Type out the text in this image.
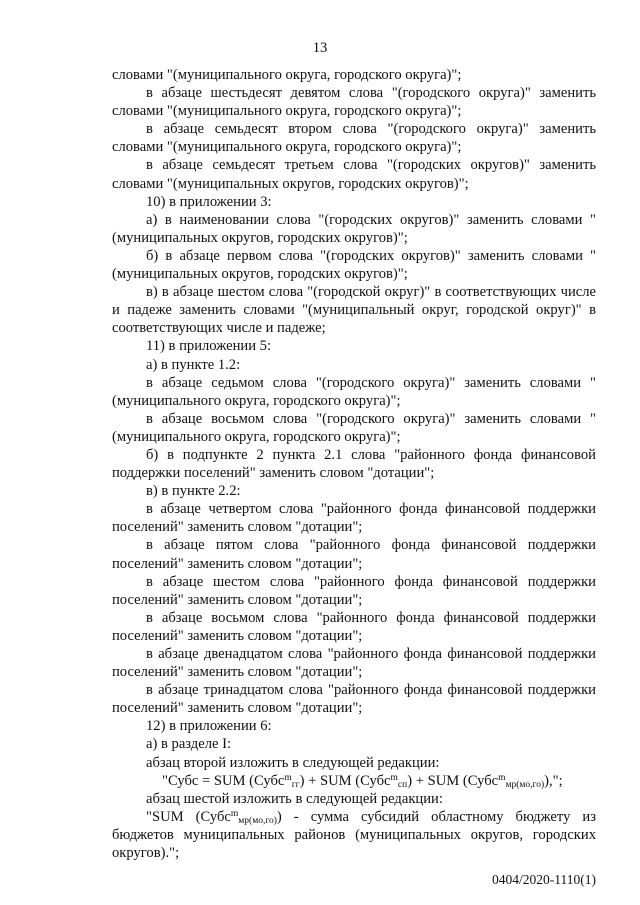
13
словами "(муниципального округа, городского округа)";
в абзаце шестьдесят девятом слова "(городского округа)" заменить словами "(муниципального округа, городского округа)";
в абзаце семьдесят втором слова "(городского округа)" заменить словами "(муниципального округа, городского округа)";
в абзаце семьдесят третьем слова "(городских округов)" заменить словами "(муниципальных округов, городских округов)";
10) в приложении 3:
а) в наименовании слова "(городских округов)" заменить словами "(муниципальных округов, городских округов)";
б) в абзаце первом слова "(городских округов)" заменить словами "(муниципальных округов, городских округов)";
в) в абзаце шестом слова "(городской округ)" в соответствующих числе и падеже заменить словами "(муниципальный округ, городской округ)" в соответствующих числе и падеже;
11) в приложении 5:
а) в пункте 1.2:
в абзаце седьмом слова "(городского округа)" заменить словами "(муниципального округа, городского округа)";
в абзаце восьмом слова "(городского округа)" заменить словами "(муниципального округа, городского округа)";
б) в подпункте 2 пункта 2.1 слова "районного фонда финансовой поддержки поселений" заменить словом "дотации";
в) в пункте 2.2:
в абзаце четвертом слова "районного фонда финансовой поддержки поселений" заменить словом "дотации";
в абзаце пятом слова "районного фонда финансовой поддержки поселений" заменить словом "дотации";
в абзаце шестом слова "районного фонда финансовой поддержки поселений" заменить словом "дотации";
в абзаце восьмом слова "районного фонда финансовой поддержки поселений" заменить словом "дотации";
в абзаце двенадцатом слова "районного фонда финансовой поддержки поселений" заменить словом "дотации";
в абзаце тринадцатом слова "районного фонда финансовой поддержки поселений" заменить словом "дотации";
12) в приложении 6:
а) в разделе I:
абзац второй изложить в следующей редакции:
"Субс = SUM (Субс$^m_{гг}$) + SUM (Субс$^m_{сп}$) + SUM (Субс$^m_{мр(мо,го)}$),";
абзац шестой изложить в следующей редакции:
"SUM (Субс$^m_{мр(мо,го)}$) - сумма субсидий областному бюджету из бюджетов муниципальных районов (муниципальных округов, городских округов).";
0404/2020-1110(1)
